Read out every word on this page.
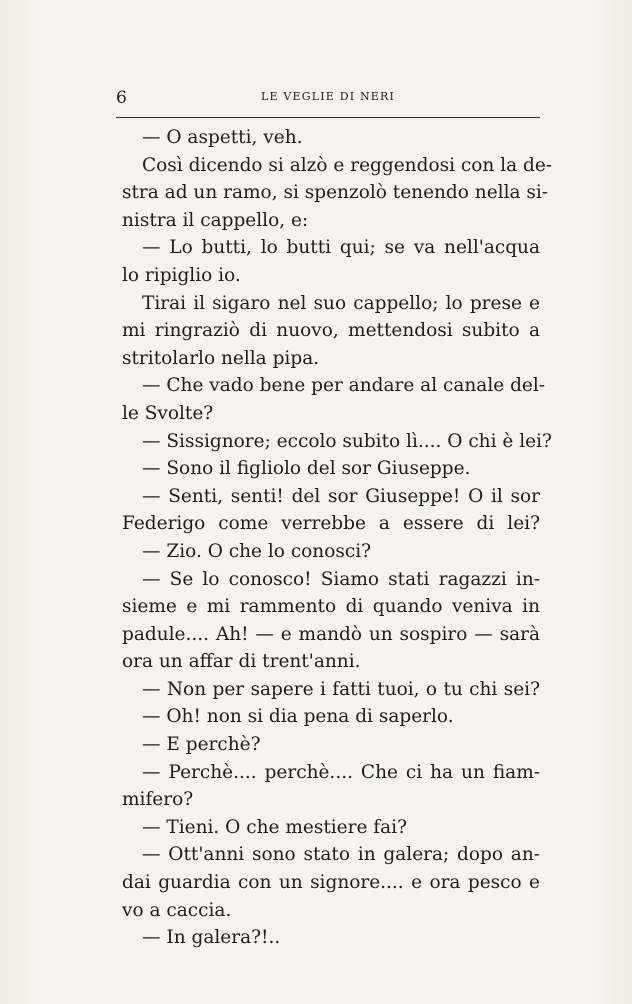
6	LE VEGLIE DI NERI
— O aspetti, veh.
Così dicendo si alzò e reggendosi con la de-
stra ad un ramo, si spenzolò tenendo nella si-
nistra il cappello, e:
— Lo butti, lo butti qui; se va nell'acqua
lo ripiglio io.
Tirai il sigaro nel suo cappello; lo prese e
mi ringraziò di nuovo, mettendosi subito a
stritolarlo nella pipa.
— Che vado bene per andare al canale del-
le Svolte?
— Sissignore; eccolo subito lì.... O chi è lei?
— Sono il figliolo del sor Giuseppe.
— Senti, senti! del sor Giuseppe! O il sor
Federigo come verrebbe a essere di lei?
— Zio. O che lo conosci?
— Se lo conosco! Siamo stati ragazzi in-
sieme e mi rammento di quando veniva in
padule.... Ah! — e mandò un sospiro — sarà
ora un affar di trent'anni.
— Non per sapere i fatti tuoi, o tu chi sei?
— Oh! non si dia pena di saperlo.
— E perchè?
— Perchè.... perchè.... Che ci ha un fiam-
mifero?
— Tieni. O che mestiere fai?
— Ott'anni sono stato in galera; dopo an-
dai guardia con un signore.... e ora pesco e
vo a caccia.
— In galera?!..
